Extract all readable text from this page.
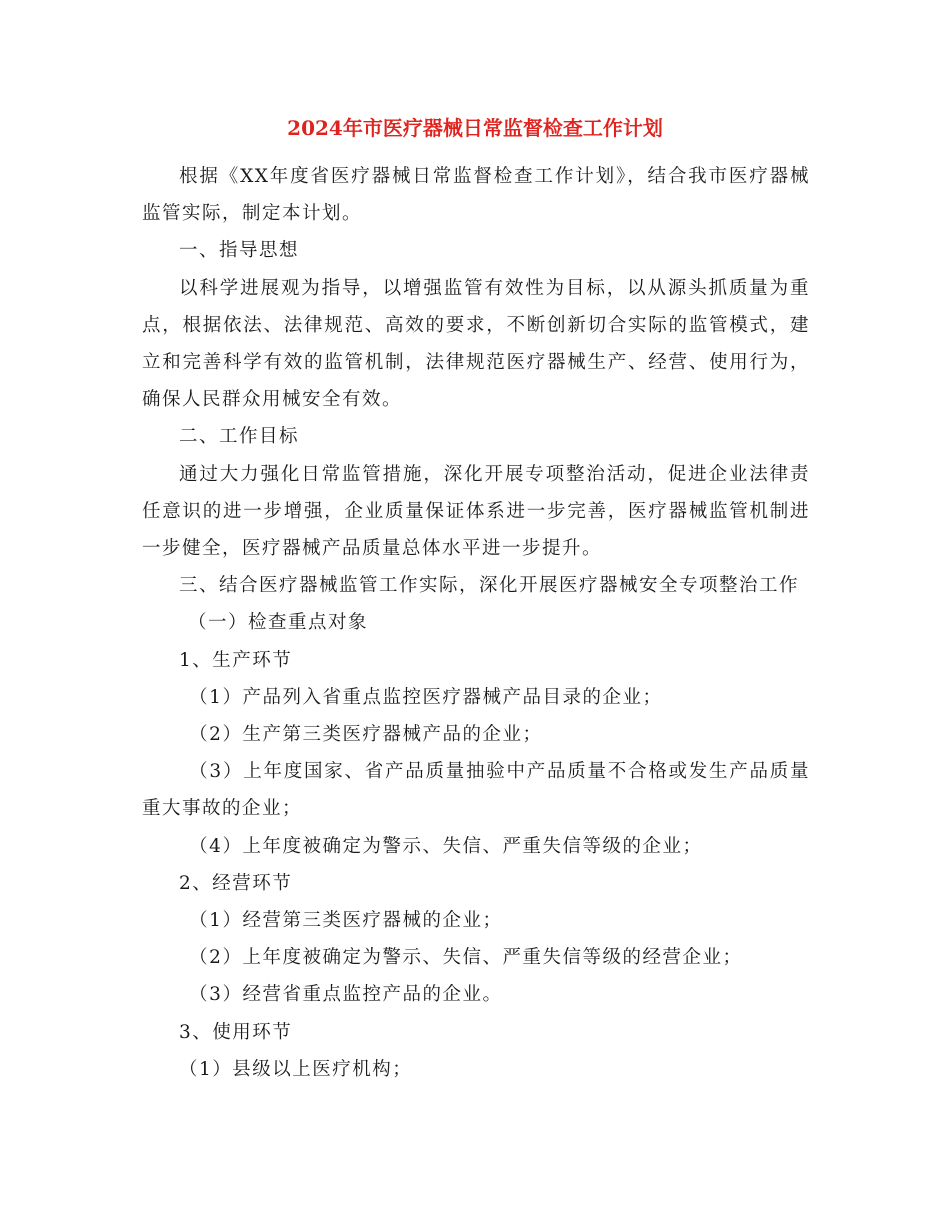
2024年市医疗器械日常监督检查工作计划

根据《XX年度省医疗器械日常监督检查工作计划》，结合我市医疗器械监管实际，制定本计划。

一、指导思想

以科学进展观为指导，以增强监管有效性为目标，以从源头抓质量为重点，根据依法、法律规范、高效的要求，不断创新切合实际的监管模式，建立和完善科学有效的监管机制，法律规范医疗器械生产、经营、使用行为，确保人民群众用械安全有效。

二、工作目标

通过大力强化日常监管措施，深化开展专项整治活动，促进企业法律责任意识的进一步增强，企业质量保证体系进一步完善，医疗器械监管机制进一步健全，医疗器械产品质量总体水平进一步提升。

三、结合医疗器械监管工作实际，深化开展医疗器械安全专项整治工作

（一）检查重点对象

1、生产环节

（1）产品列入省重点监控医疗器械产品目录的企业；

（2）生产第三类医疗器械产品的企业；

（3）上年度国家、省产品质量抽验中产品质量不合格或发生产品质量重大事故的企业；

（4）上年度被确定为警示、失信、严重失信等级的企业；

2、经营环节

（1）经营第三类医疗器械的企业；

（2）上年度被确定为警示、失信、严重失信等级的经营企业；

（3）经营省重点监控产品的企业。

3、使用环节

（1）县级以上医疗机构；
